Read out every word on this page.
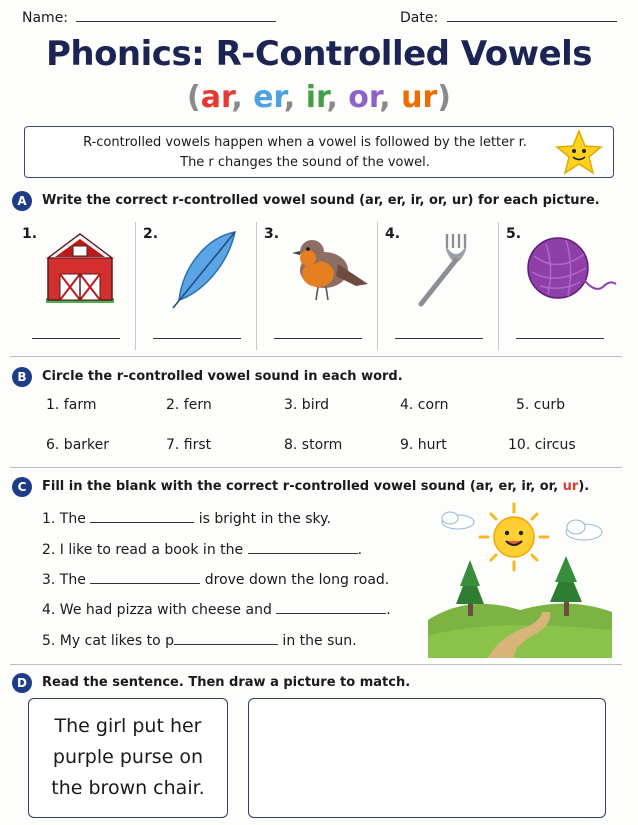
Name:	Date:
Phonics: R-Controlled Vowels
(ar, er, ir, or, ur)
R-controlled vowels happen when a vowel is followed by the letter r.
The r changes the sound of the vowel.
A	Write the correct r-controlled vowel sound (ar, er, ir, or, ur) for each picture.
1.	2.	3.	4.	5.
B	Circle the r-controlled vowel sound in each word.
1. farm	2. fern	3. bird	4. corn	5. curb
6. barker	7. first	8. storm	9. hurt	10. circus
C	Fill in the blank with the correct r-controlled vowel sound (ar, er, ir, or, ur).
1. The	is bright in the sky.
2. I like to read a book in the	.
3. The	drove down the long road.
4. We had pizza with cheese and	.
5. My cat likes to p	in the sun.
D	Read the sentence. Then draw a picture to match.
The girl put her
purple purse on
the brown chair.
